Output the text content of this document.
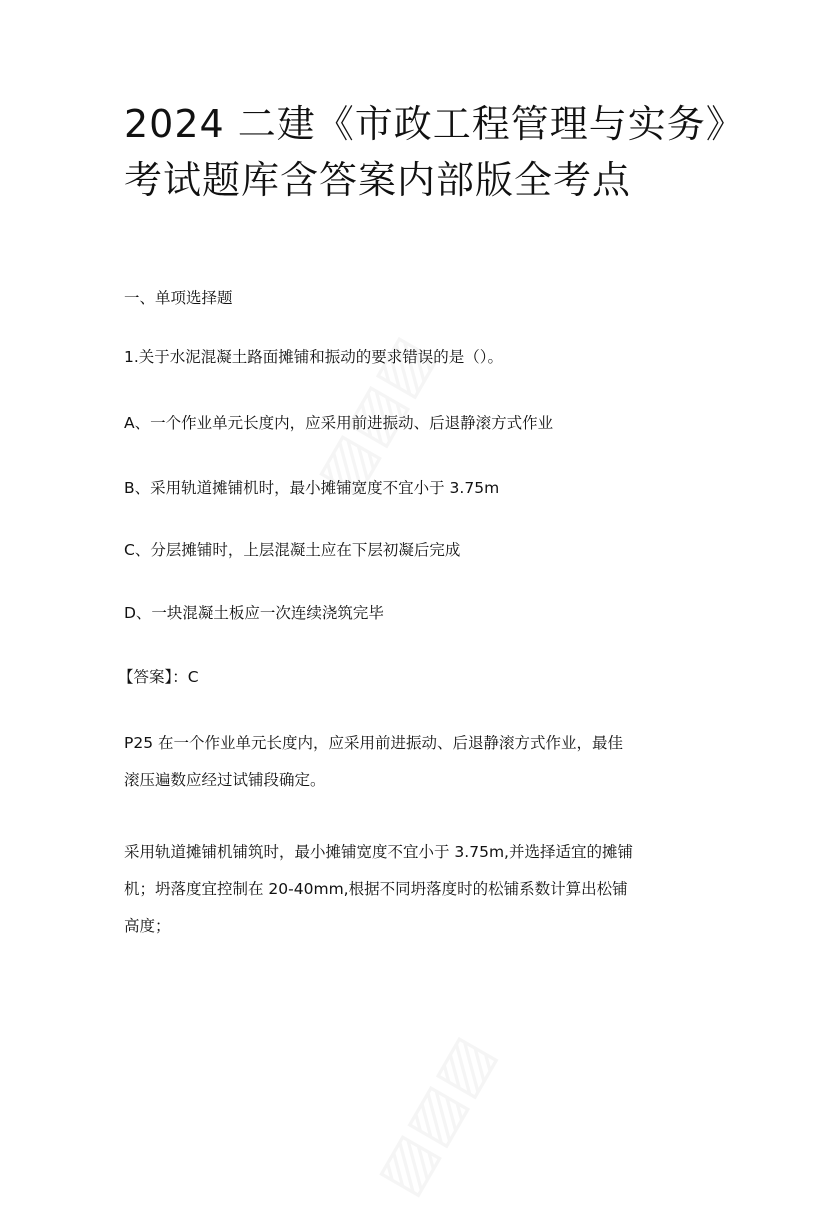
2024 二建《市政工程管理与实务》
考试题库含答案内部版全考点
一、单项选择题
1.关于水泥混凝土路面摊铺和振动的要求错误的是（）。
A、一个作业单元长度内，应采用前进振动、后退静滚方式作业
B、采用轨道摊铺机时，最小摊铺宽度不宜小于 3.75m
C、分层摊铺时，上层混凝土应在下层初凝后完成
D、一块混凝土板应一次连续浇筑完毕
【答案】：C
P25 在一个作业单元长度内，应采用前进振动、后退静滚方式作业，最佳
滚压遍数应经过试铺段确定。
采用轨道摊铺机铺筑时，最小摊铺宽度不宜小于 3.75m,并选择适宜的摊铺
机；坍落度宜控制在 20-40mm,根据不同坍落度时的松铺系数计算出松铺
高度；
